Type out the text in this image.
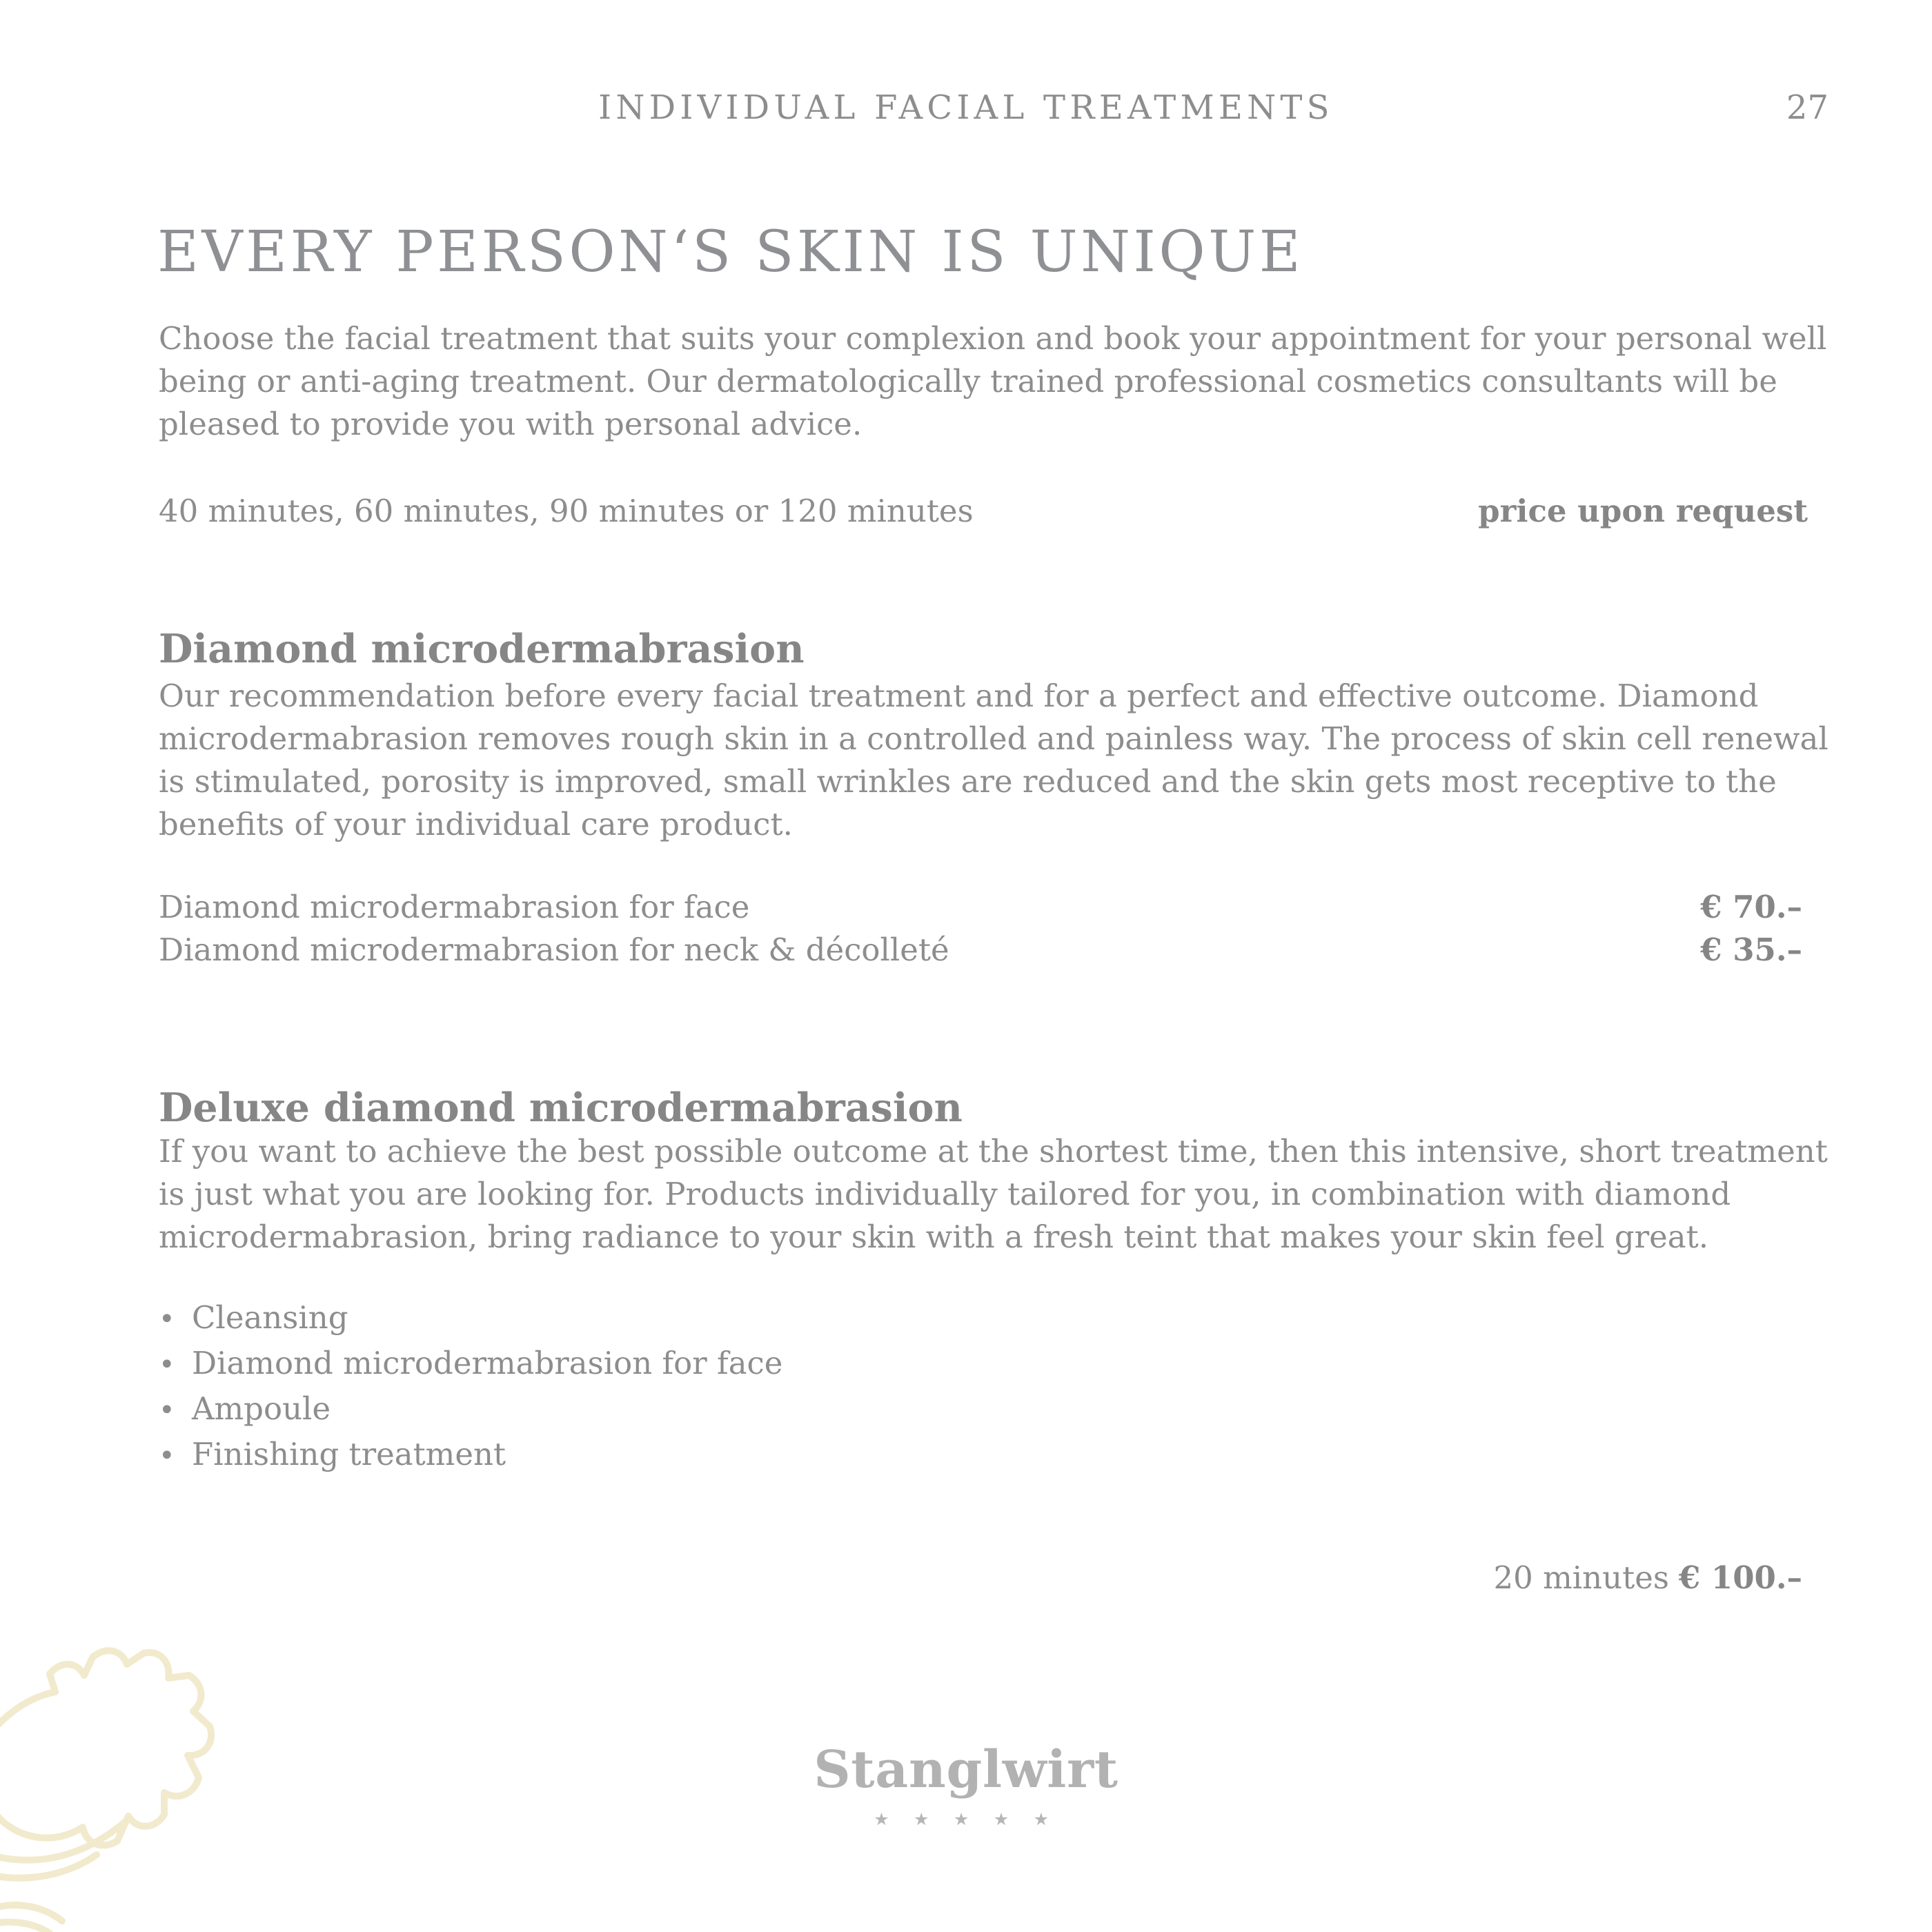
INDIVIDUAL FACIAL TREATMENTS	27
EVERY PERSON‘S SKIN IS UNIQUE

Choose the facial treatment that suits your complexion and book your appointment for your personal well being or anti-aging treatment. Our dermatologically trained professional cosmetics consultants will be pleased to provide you with personal advice.

40 minutes, 60 minutes, 90 minutes or 120 minutes	price upon request
Diamond microdermabrasion

Our recommendation before every facial treatment and for a perfect and effective outcome. Diamond microdermabrasion removes rough skin in a controlled and painless way. The process of skin cell renewal is stimulated, porosity is improved, small wrinkles are reduced and the skin gets most receptive to the benefits of your individual care product.

Diamond microdermabrasion for face	€ 70.–
Diamond microdermabrasion for neck & décolleté	€ 35.–
Deluxe diamond microdermabrasion

If you want to achieve the best possible outcome at the shortest time, then this intensive, short treatment is just what you are looking for. Products individually tailored for you, in combination with diamond microdermabrasion, bring radiance to your skin with a fresh teint that makes your skin feel great.

• Cleansing
• Diamond microdermabrasion for face
• Ampoule
• Finishing treatment
20 minutes € 100.–
Stanglwirt
★ ★ ★ ★ ★
